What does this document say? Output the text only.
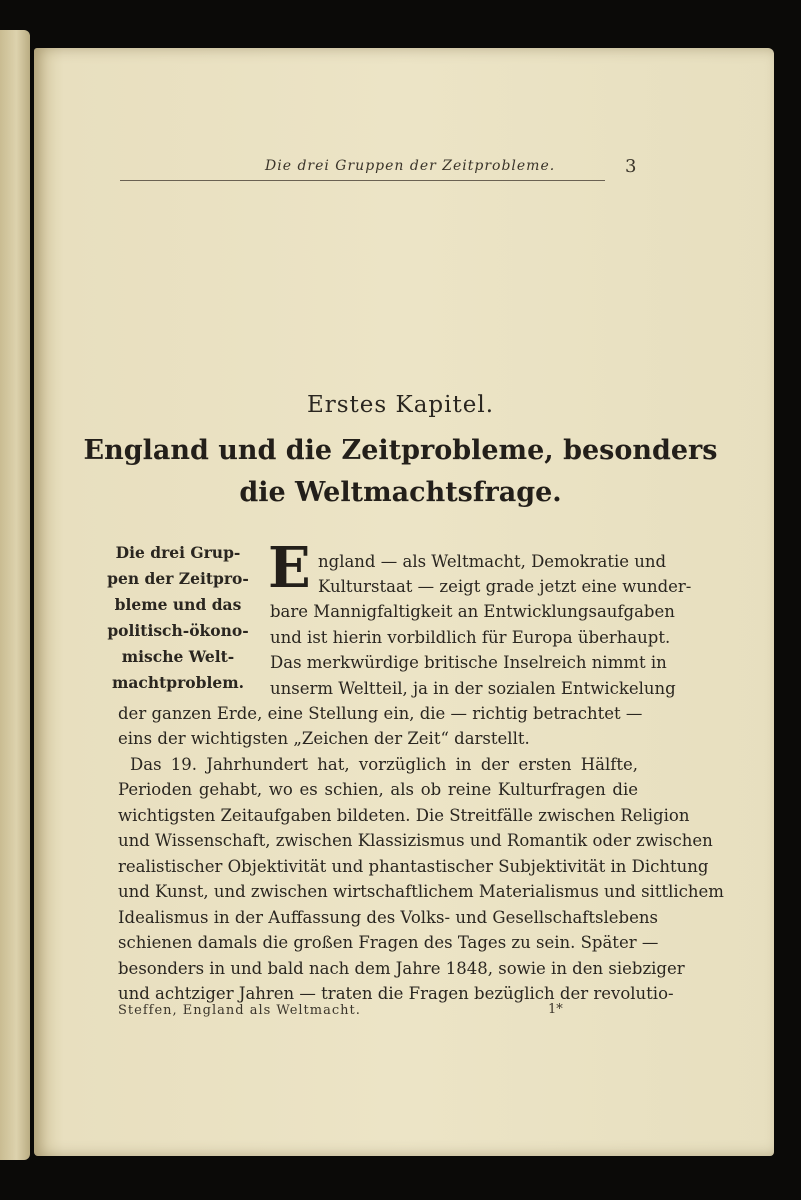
Die drei Gruppen der Zeitprobleme.	3
Erstes Kapitel.
England und die Zeitprobleme, besonders
die Weltmachtsfrage.
Die drei Grup-
pen der Zeitpro-
bleme und das
politisch-ökono-
mische Welt-
machtproblem.
E ngland — als Weltmacht, Demokratie und
Kulturstaat — zeigt grade jetzt eine wunder-
bare Mannigfaltigkeit an Entwicklungsaufgaben
und ist hierin vorbildlich für Europa überhaupt.
Das merkwürdige britische Inselreich nimmt in
unserm Weltteil, ja in der sozialen Entwickelung
der ganzen Erde, eine Stellung ein, die — richtig betrachtet —
eins der wichtigsten „Zeichen der Zeit“ darstellt.
Das 19. Jahrhundert hat, vorzüglich in der ersten Hälfte,
Perioden gehabt, wo es schien, als ob reine Kulturfragen die
wichtigsten Zeitaufgaben bildeten. Die Streitfälle zwischen Religion
und Wissenschaft, zwischen Klassizismus und Romantik oder zwischen
realistischer Objektivität und phantastischer Subjektivität in Dichtung
und Kunst, und zwischen wirtschaftlichem Materialismus und sittlichem
Idealismus in der Auffassung des Volks- und Gesellschaftslebens
schienen damals die großen Fragen des Tages zu sein. Später —
besonders in und bald nach dem Jahre 1848, sowie in den siebziger
und achtziger Jahren — traten die Fragen bezüglich der revolutio-
Steffen, England als Weltmacht.	1*
